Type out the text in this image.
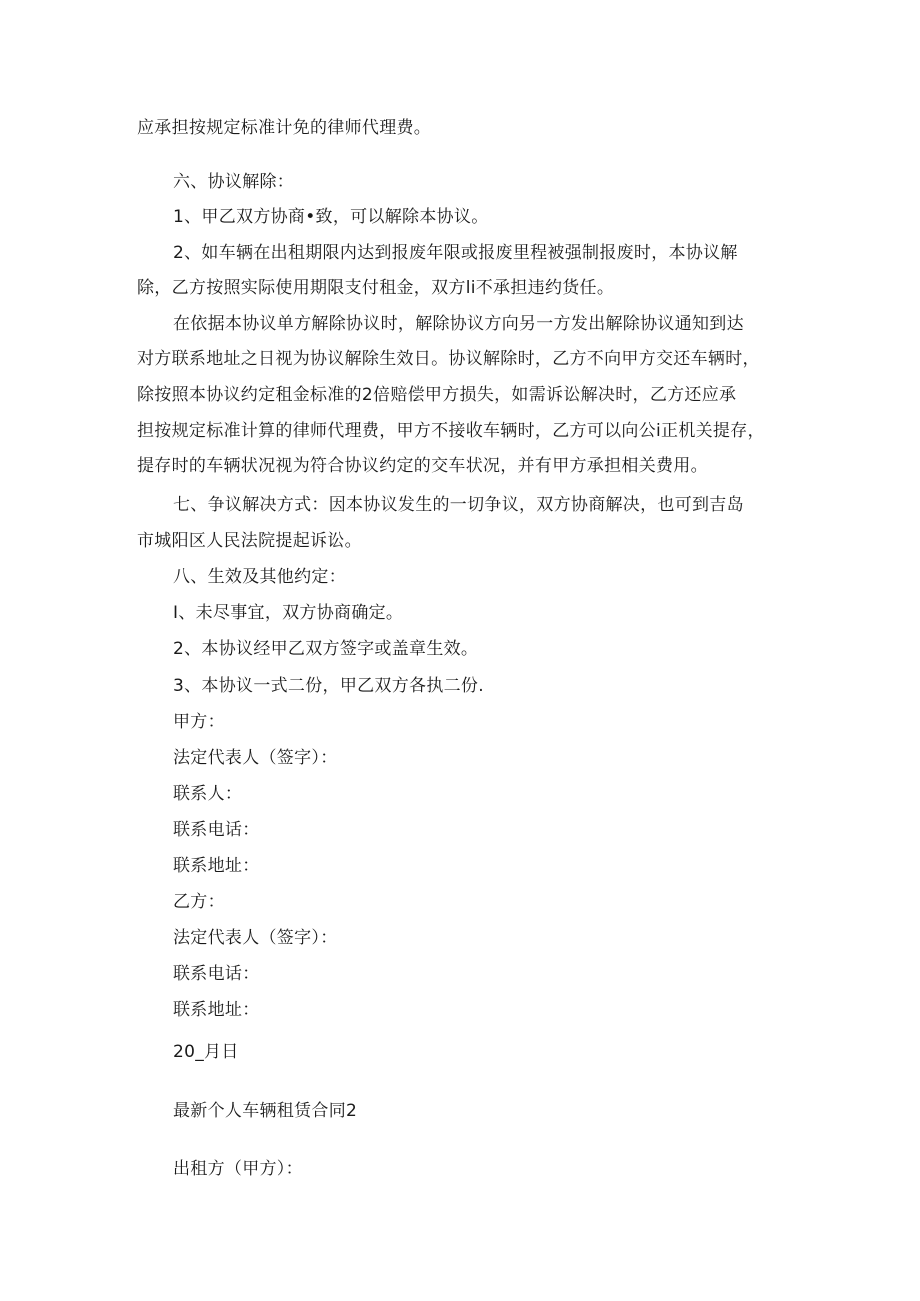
应承担按规定标准计免的律师代理费。
六、协议解除：
1、甲乙双方协商•致，可以解除本协议。
2、如车辆在出租期限内达到报废年限或报废里程被强制报废时，本协议解
除，乙方按照实际使用期限支付租金，双方li不承担违约货任。
在依据本协议单方解除协议时，解除协议方向另一方发出解除协议通知到达
对方联系地址之日视为协议解除生效日。协议解除时，乙方不向甲方交还车辆时，
除按照本协议约定租金标准的2倍赔偿甲方损失，如需诉讼解决时，乙方还应承
担按规定标准计算的律师代理费，甲方不接收车辆时，乙方可以向公i正机关提存，
提存时的车辆状况视为符合协议约定的交车状况，并有甲方承担相关费用。
七、争议解决方式：因本协议发生的一切争议，双方协商解决，也可到吉岛
市城阳区人民法院提起诉讼。
八、生效及其他约定：
I、未尽事宜，双方协商确定。
2、本协议经甲乙双方签字或盖章生效。
3、本协议一式二份，甲乙双方各执二份.
甲方：
法定代表人（签字）：
联系人：
联系电话：
联系地址：
乙方：
法定代表人（签字）：
联系电话：
联系地址：
20_月日
最新个人车辆租赁合同2
出租方（甲方）：
